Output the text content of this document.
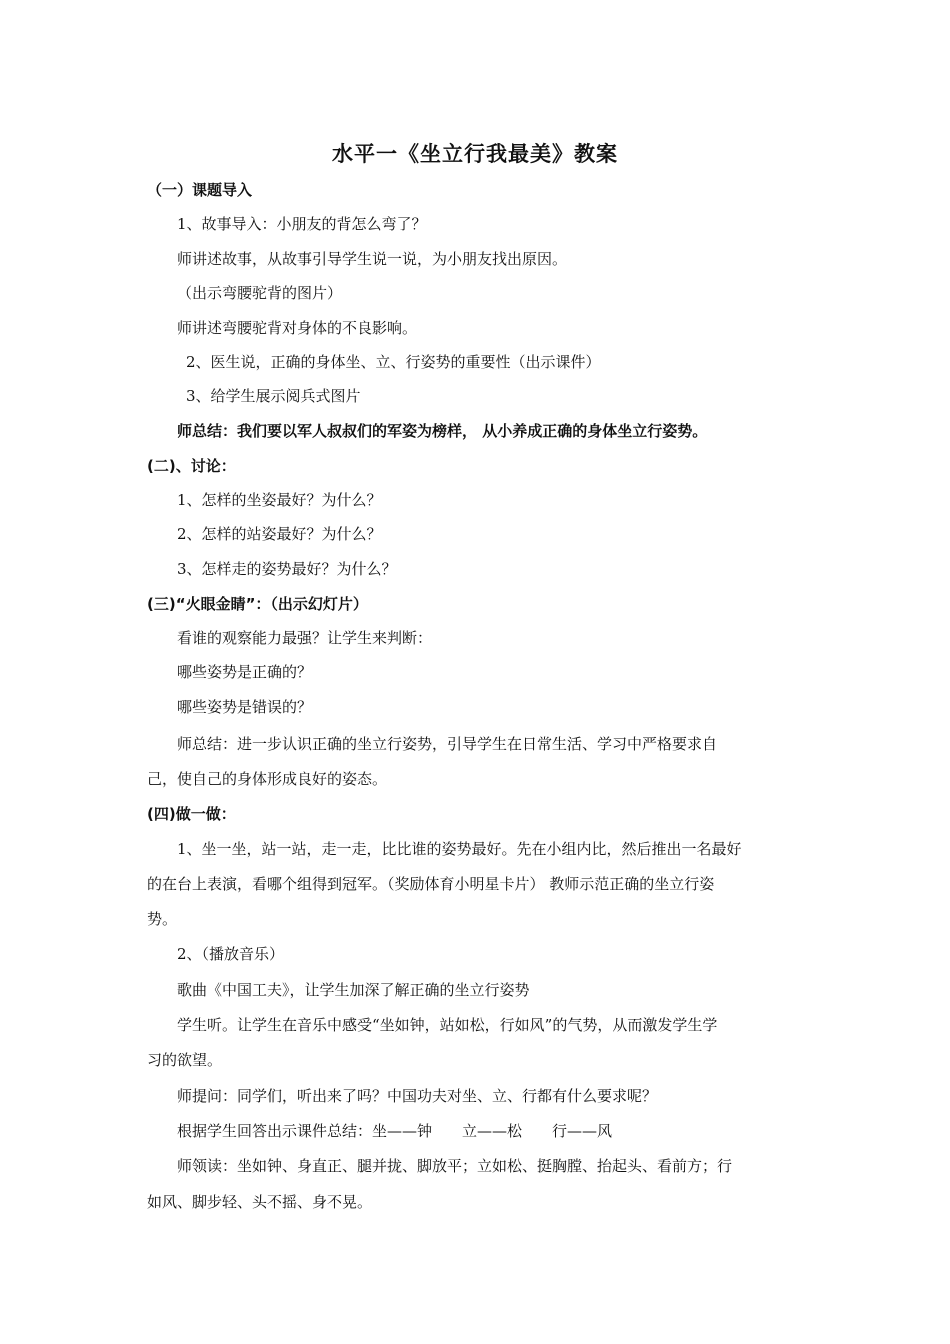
水平一《坐立行我最美》教案
（一）课题导入
1、故事导入：小朋友的背怎么弯了？
师讲述故事，从故事引导学生说一说，为小朋友找出原因。
（出示弯腰驼背的图片）
师讲述弯腰驼背对身体的不良影响。
2、医生说，正确的身体坐、立、行姿势的重要性（出示课件）
3、给学生展示阅兵式图片
师总结：我们要以军人叔叔们的军姿为榜样， 从小养成正确的身体坐立行姿势。
(二)、讨论：
1、怎样的坐姿最好？为什么？
2、怎样的站姿最好？为什么？
3、怎样走的姿势最好？为什么？
(三)“火眼金睛”：（出示幻灯片）
看谁的观察能力最强？让学生来判断：
哪些姿势是正确的？
哪些姿势是错误的？
师总结：进一步认识正确的坐立行姿势，引导学生在日常生活、学习中严格要求自
己，使自己的身体形成良好的姿态。
(四)做一做：
1、坐一坐，站一站，走一走，比比谁的姿势最好。先在小组内比，然后推出一名最好
的在台上表演，看哪个组得到冠军。（奖励体育小明星卡片） 教师示范正确的坐立行姿
势。
2、（播放音乐）
歌曲《中国工夫》，让学生加深了解正确的坐立行姿势
学生听。让学生在音乐中感受“坐如钟，站如松，行如风”的气势，从而激发学生学
习的欲望。
师提问：同学们，听出来了吗？中国功夫对坐、立、行都有什么要求呢？
根据学生回答出示课件总结：坐——钟 立——松 行——风
师领读：坐如钟、身直正、腿并拢、脚放平；立如松、挺胸膛、抬起头、看前方；行
如风、脚步轻、头不摇、身不晃。
